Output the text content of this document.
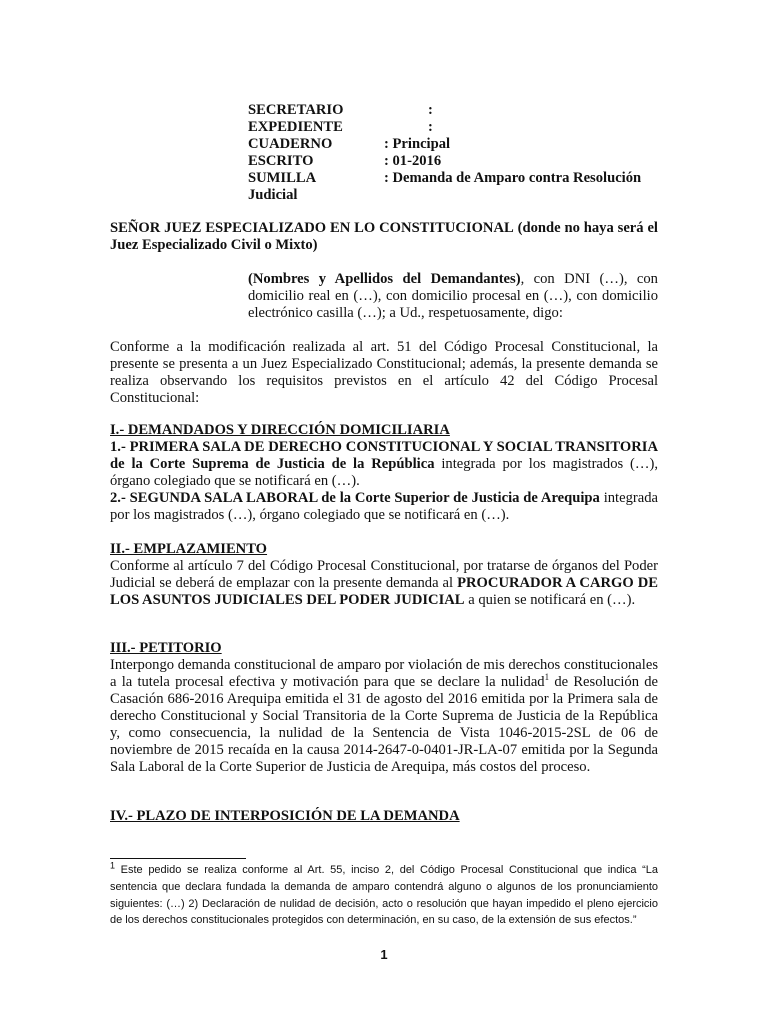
SECRETARIO	:
EXPEDIENTE	:
CUADERNO	: Principal
ESCRITO	: 01-2016
SUMILLA	: Demanda de Amparo contra Resolución
Judicial
SEÑOR JUEZ ESPECIALIZADO EN LO CONSTITUCIONAL (donde no haya será el Juez Especializado Civil o Mixto)
(Nombres y Apellidos del Demandantes), con DNI (…), con domicilio real en (…), con domicilio procesal en (…), con domicilio electrónico casilla (…); a Ud., respetuosamente, digo:
Conforme a la modificación realizada al art. 51 del Código Procesal Constitucional, la presente se presenta a un Juez Especializado Constitucional; además, la presente demanda se realiza observando los requisitos previstos en el artículo 42 del Código Procesal Constitucional:
I.- DEMANDADOS Y DIRECCIÓN DOMICILIARIA
1.- PRIMERA SALA DE DERECHO CONSTITUCIONAL Y SOCIAL TRANSITORIA de la Corte Suprema de Justicia de la República integrada por los magistrados (…), órgano colegiado que se notificará en (…).
2.- SEGUNDA SALA LABORAL de la Corte Superior de Justicia de Arequipa integrada por los magistrados (…), órgano colegiado que se notificará en (…).
II.- EMPLAZAMIENTO
Conforme al artículo 7 del Código Procesal Constitucional, por tratarse de órganos del Poder Judicial se deberá de emplazar con la presente demanda al PROCURADOR A CARGO DE LOS ASUNTOS JUDICIALES DEL PODER JUDICIAL a quien se notificará en (…).
III.- PETITORIO
Interpongo demanda constitucional de amparo por violación de mis derechos constitucionales a la tutela procesal efectiva y motivación para que se declare la nulidad$^1$ de Resolución de Casación 686-2016 Arequipa emitida el 31 de agosto del 2016 emitida por la Primera sala de derecho Constitucional y Social Transitoria de la Corte Suprema de Justicia de la República y, como consecuencia, la nulidad de la Sentencia de Vista 1046-2015-2SL de 06 de noviembre de 2015 recaída en la causa 2014-2647-0-0401-JR-LA-07 emitida por la Segunda Sala Laboral de la Corte Superior de Justicia de Arequipa, más costos del proceso.
IV.- PLAZO DE INTERPOSICIÓN DE LA DEMANDA
$^1$ Este pedido se realiza conforme al Art. 55, inciso 2, del Código Procesal Constitucional que indica “La sentencia que declara fundada la demanda de amparo contendrá alguno o algunos de los pronunciamiento siguientes: (…) 2) Declaración de nulidad de decisión, acto o resolución que hayan impedido el pleno ejercicio de los derechos constitucionales protegidos con determinación, en su caso, de la extensión de sus efectos.”
1
